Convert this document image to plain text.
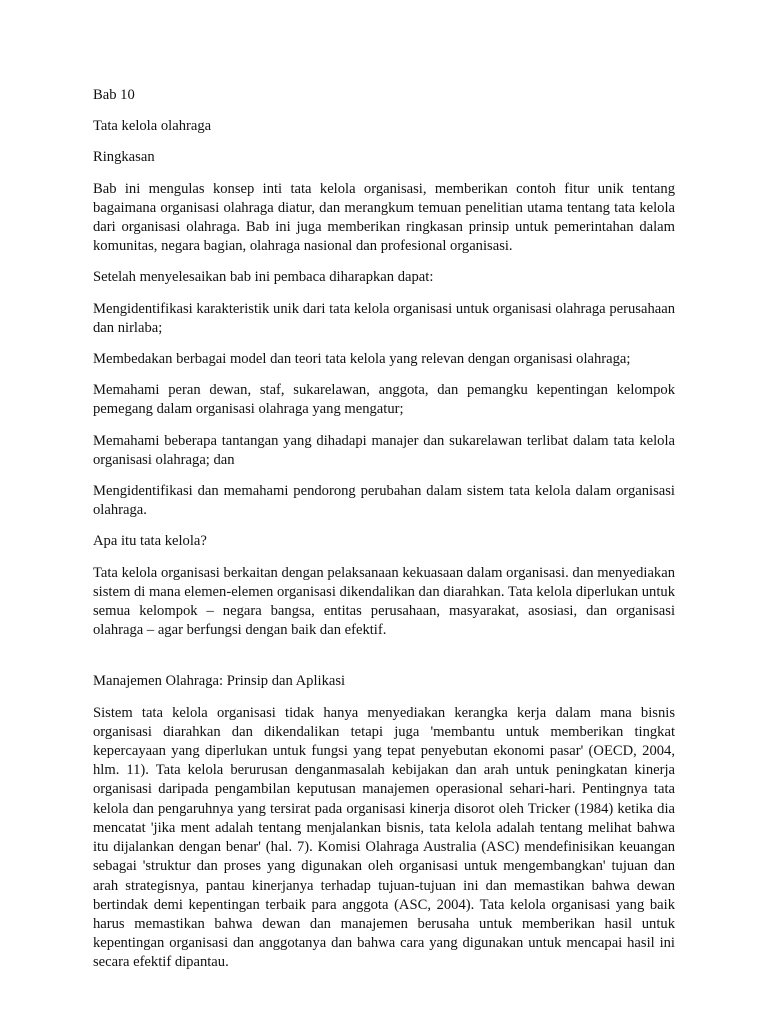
Bab 10
Tata kelola olahraga
Ringkasan
Bab ini mengulas konsep inti tata kelola organisasi, memberikan contoh fitur unik tentang bagaimana organisasi olahraga diatur, dan merangkum temuan penelitian utama tentang tata kelola dari organisasi olahraga. Bab ini juga memberikan ringkasan prinsip untuk pemerintahan dalam komunitas, negara bagian, olahraga nasional dan profesional organisasi.
Setelah menyelesaikan bab ini pembaca diharapkan dapat:
Mengidentifikasi karakteristik unik dari tata kelola organisasi untuk organisasi olahraga perusahaan dan nirlaba;
Membedakan berbagai model dan teori tata kelola yang relevan dengan organisasi olahraga;
Memahami peran dewan, staf, sukarelawan, anggota, dan pemangku kepentingan kelompok pemegang dalam organisasi olahraga yang mengatur;
Memahami beberapa tantangan yang dihadapi manajer dan sukarelawan terlibat dalam tata kelola organisasi olahraga; dan
Mengidentifikasi dan memahami pendorong perubahan dalam sistem tata kelola dalam organisasi olahraga.
Apa itu tata kelola?
Tata kelola organisasi berkaitan dengan pelaksanaan kekuasaan dalam organisasi. dan menyediakan sistem di mana elemen-elemen organisasi dikendalikan dan diarahkan. Tata kelola diperlukan untuk semua kelompok – negara bangsa, entitas perusahaan, masyarakat, asosiasi, dan organisasi olahraga – agar berfungsi dengan baik dan efektif.
Manajemen Olahraga: Prinsip dan Aplikasi
Sistem tata kelola organisasi tidak hanya menyediakan kerangka kerja dalam mana bisnis organisasi diarahkan dan dikendalikan tetapi juga 'membantu untuk memberikan tingkat kepercayaan yang diperlukan untuk fungsi yang tepat penyebutan ekonomi pasar' (OECD, 2004, hlm. 11). Tata kelola berurusan denganmasalah kebijakan dan arah untuk peningkatan kinerja organisasi daripada pengambilan keputusan manajemen operasional sehari-hari. Pentingnya tata kelola dan pengaruhnya yang tersirat pada organisasi kinerja disorot oleh Tricker (1984) ketika dia mencatat 'jika ment adalah tentang menjalankan bisnis, tata kelola adalah tentang melihat bahwa itu dijalankan dengan benar' (hal. 7). Komisi Olahraga Australia (ASC) mendefinisikan keuangan sebagai 'struktur dan proses yang digunakan oleh organisasi untuk mengembangkan' tujuan dan arah strategisnya, pantau kinerjanya terhadap tujuan-tujuan ini dan memastikan bahwa dewan bertindak demi kepentingan terbaik para anggota (ASC, 2004). Tata kelola organisasi yang baik harus memastikan bahwa dewan dan manajemen berusaha untuk memberikan hasil untuk kepentingan organisasi dan anggotanya dan bahwa cara yang digunakan untuk mencapai hasil ini secara efektif dipantau.
